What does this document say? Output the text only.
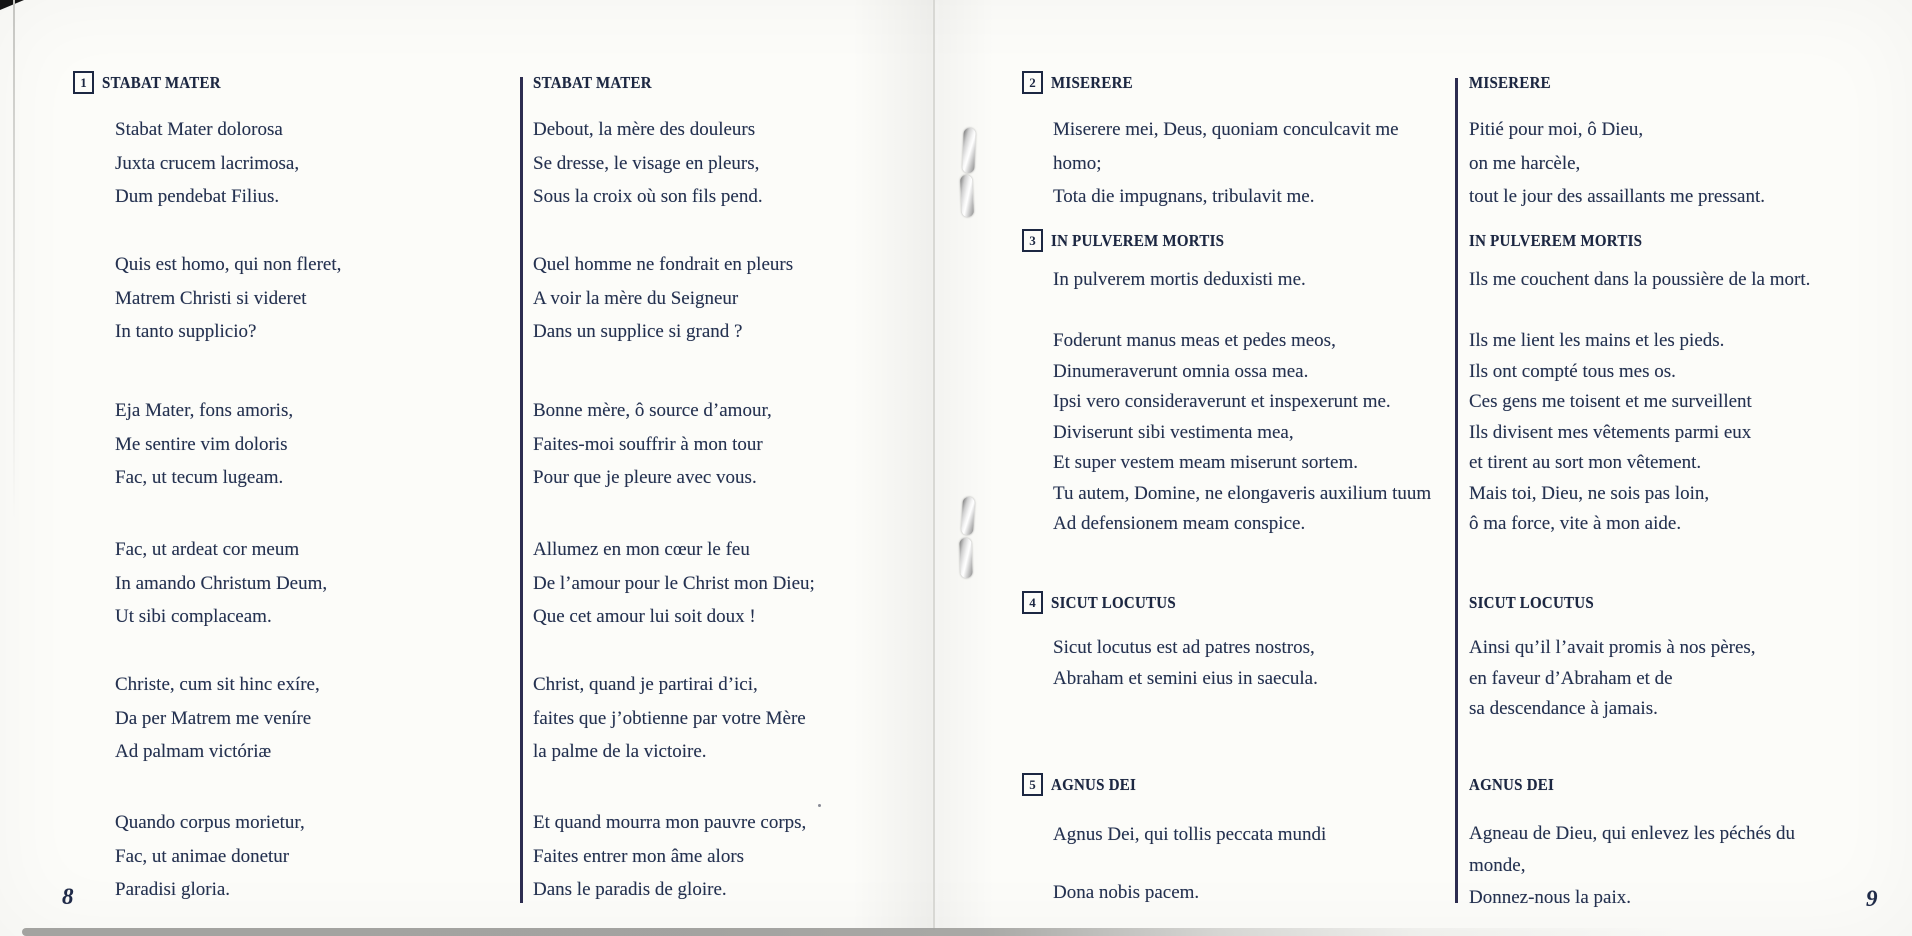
1 STABAT MATER
Stabat Mater dolorosa
Juxta crucem lacrimosa,
Dum pendebat Filius.
Quis est homo, qui non fleret,
Matrem Christi si videret
In tanto supplicio?
Eja Mater, fons amoris,
Me sentire vim doloris
Fac, ut tecum lugeam.
Fac, ut ardeat cor meum
In amando Christum Deum,
Ut sibi complaceam.
Christe, cum sit hinc exíre,
Da per Matrem me veníre
Ad palmam victóriæ
Quando corpus morietur,
Fac, ut animae donetur
Paradisi gloria.
STABAT MATER
Debout, la mère des douleurs
Se dresse, le visage en pleurs,
Sous la croix où son fils pend.
Quel homme ne fondrait en pleurs
A voir la mère du Seigneur
Dans un supplice si grand ?
Bonne mère, ô source d’amour,
Faites-moi souffrir à mon tour
Pour que je pleure avec vous.
Allumez en mon cœur le feu
De l’amour pour le Christ mon Dieu;
Que cet amour lui soit doux !
Christ, quand je partirai d’ici,
faites que j’obtienne par votre Mère
la palme de la victoire.
Et quand mourra mon pauvre corps,
Faites entrer mon âme alors
Dans le paradis de gloire.
8
2 MISERERE
Miserere mei, Deus, quoniam conculcavit me
homo;
Tota die impugnans, tribulavit me.
3 IN PULVEREM MORTIS
In pulverem mortis deduxisti me.
Foderunt manus meas et pedes meos,
Dinumeraverunt omnia ossa mea.
Ipsi vero consideraverunt et inspexerunt me.
Diviserunt sibi vestimenta mea,
Et super vestem meam miserunt sortem.
Tu autem, Domine, ne elongaveris auxilium tuum
Ad defensionem meam conspice.
4 SICUT LOCUTUS
Sicut locutus est ad patres nostros,
Abraham et semini eius in saecula.
5 AGNUS DEI
Agnus Dei, qui tollis peccata mundi
Dona nobis pacem.
MISERERE
Pitié pour moi, ô Dieu,
on me harcèle,
tout le jour des assaillants me pressant.
IN PULVEREM MORTIS
Ils me couchent dans la poussière de la mort.
Ils me lient les mains et les pieds.
Ils ont compté tous mes os.
Ces gens me toisent et me surveillent
Ils divisent mes vêtements parmi eux
et tirent au sort mon vêtement.
Mais toi, Dieu, ne sois pas loin,
ô ma force, vite à mon aide.
SICUT LOCUTUS
Ainsi qu’il l’avait promis à nos pères,
en faveur d’Abraham et de
sa descendance à jamais.
AGNUS DEI
Agneau de Dieu, qui enlevez les péchés du
monde,
Donnez-nous la paix.	9
